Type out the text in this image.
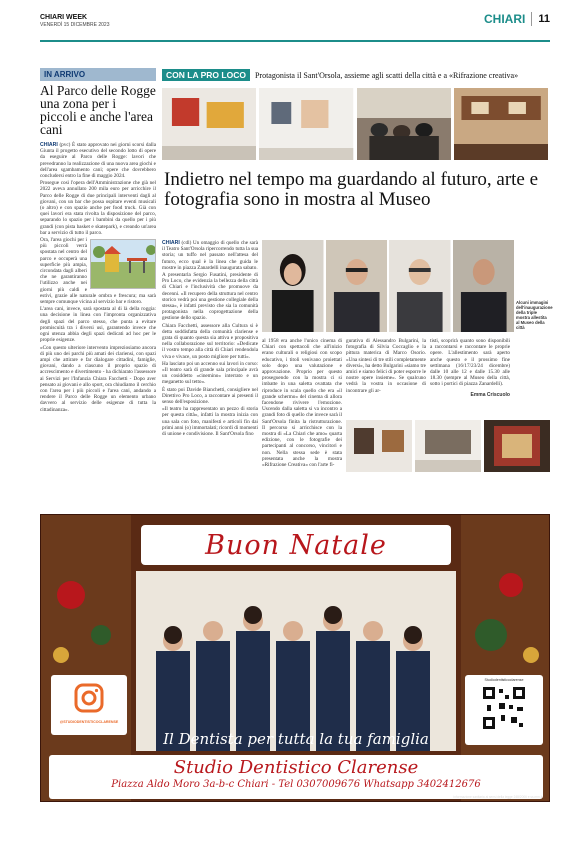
CHIARI WEEK
VENERDÌ 15 DICEMBRE 2023	CHIARI	11
IN ARRIVO
Al Parco delle Rogge una zona per i piccoli e anche l'area cani

CHIARI (pvc) È stato approvato nei giorni scorsi dalla Giunta il progetto esecutivo del secondo lotto di opere da eseguire al Parco delle Rogge: lavori che prevedranno la realizzazione di una nuova area giochi e dell'area sgambamento cani; opere che dovrebbero concludersi entro la fine di maggio 2024.

Prosegue così l'opera dell'Amministrazione che già nel 2022 aveva annullato 200 mila euro per arricchire il Parco delle Rogge di due principali interventi dagli al giovani, con un bar che possa ospitare eventi musicali (o altro) e con spazio anche per food truck. Già con quei lavori era stata rivolta la disposizione del parco, separando lo spazio per i bambini da quello per i più grandi (con pista basket e skatepark), e creando un'area bar a servizio di tutto il parco.

Ora, l'area giochi per i più piccoli verrà spostata nel centro del parco e occuperà una superficie più ampia, circondata dagli alberi che ne garantiranno l'utilizzo anche nei giorni più caldi e estivi, grazie alle naturale ombra e frescura; ma sarà sempre comunque vicina al servizio bar e ristoro.

L'area cani, invece, sarà spostata al di là della roggia: una decisione in linea con l'impronta organizzativa degli spazi del parco stesso, che punta a evitare promiscuità tra i diversi usi, garantendo invece che ogni utenza abbia degli spazi dedicati ad hoc per le proprie esigenze.

«Con questo ulteriore intervento impreziosiamo ancora di più uno dei parchi più amati dei clariensi, con spazi ampi che attirare e far dialogare cittadini, famiglie, giovani, dando a ciascuno il proprio spazio di accrescimento e divertimento - ha dichiarato l'assessore ai Servizi per l'Infanzia Chiara Facchetti - Dopo aver pensato ai giovani e allo sport, ora chiudiamo il cerchio con l'area per i più piccoli e l'area cani, andando a rendere il Parco delle Rogge un elemento urbano davvero al servizio delle esigenze di tutta la cittadinanza».

CON LA PRO LOCO	Protagonista il Sant'Orsola, assieme agli scatti della città e a «Rifrazione creativa»
Indietro nel tempo ma guardando al futuro, arte e fotografia sono in mostra al Museo

CHIARI (cdl) Un omaggio di quello che sarà il Teatro Sant'Orsola ripercorrendo tutta la sua storia; un tuffo nel passato nell'attesa del futuro, ecco qual è la linea che guida le mostre in piazza Zanardelli inaugurata sabato.

A presentarla Sergio Fusatini, presidente di Pro Loco, che evidenzia la bellezza della città di Chiari e l'inclusività che promuove da decenni. «Il recupero della struttura nel centro storico vedrà poi una gestione collegiale della stessa», è infatti previsto che sia la comunità protagonista nella coprogettazione della gestione dello spazio.

Chiara Facchetti, assessore alla Cultura si è detta soddisfatta della comunità clariense e grata di quanto questa sia attiva e propositiva nella collaborazione sul territorio: «Dedicate il vostro tempo alla città di Chiari rendendola viva e vivace, un posto migliore per tutti».

Ha lasciato poi un accenno sui lavori in corso: «Il teatro sarà di grande sala principale avrà un cosiddetto «cinemino» interrato e un meganetto sul tetto».

È stato poi Davide Bianchetti, consigliere nel Direttivo Pro Loco, a raccontare ai presenti il senso dell'esposizione.

«Il teatro ha rappresentato un pezzo di storia per questa città», infatti la mostra inizia con una sala con foto, manifesti e articoli fin dai primi anni (o) immortalati; ricordi di momenti di unione e condivisione. Il Sant'Orsola fino

Alcuni immagini dell'inaugurazione della triple mostra allestita al Museo della città
al 1958 era anche l'unico cinema di Chiari con spettacoli che all'inizio erano culturali o religiosi con scopo educativo, i titoli venivano proiettati solo dopo una valutazione e approvazione. Proprio per questo proseguendo con la mostra ci si imbatte in una saletta ovattata che riproduce in scala quello che era «il grande schermo» del cinema di allora facendone rivivere l'emozione. Uscendo dalla saletta si va incontro a grandi foto di quello che invece sarà il Sant'Orsola finita la ristrutturazione. Il percorso si arricchisce con la mostra di «La Chiari che amo» quarta edizione, con le fotografie dei partecipanti al concorso, vincitori e non. Nella stessa sede è stata presentata anche la mostra «Rifrazione Creativa» con l'arte fi-
gurativa di Alessandro Bulgarini, la fotografia di Silvia Coccaglio e la pittura materica di Marco Osorio. «Una sintesi di tre stili completamente diversi», ha detto Bulgarini «siamo tre amici e siamo felici di poter esporre le nostre opere insieme». Se qualcuno vedrà la vostra in occasione di incontrare gli ar-
tisti, scoprirà quanto sono disponibili a raccontarsi e raccontare le proprie opere. L'allestimento sarà aperto anche questo e il prossimo fine settimana (16/17/23/24 dicembre) dalle 10 alle 12 e dalle 15.30 alle 18.30 (sempre al Museo della città, sotto i portici di piazza Zanardelli).
Emma Criscuolo
Buon Natale
Il Dentista per tutta la tua famiglia
@STUDIODENTISTICOCLARENSE
Studiodentisticoclarense
Studio Dentistico Clarense
Piazza Aldo Moro 3a-b-c Chiari - Tel 0307009676 Whatsapp 3402412676
Informazione sanitaria ai sensi della legge 248/2006 e ss.mm.ii.
